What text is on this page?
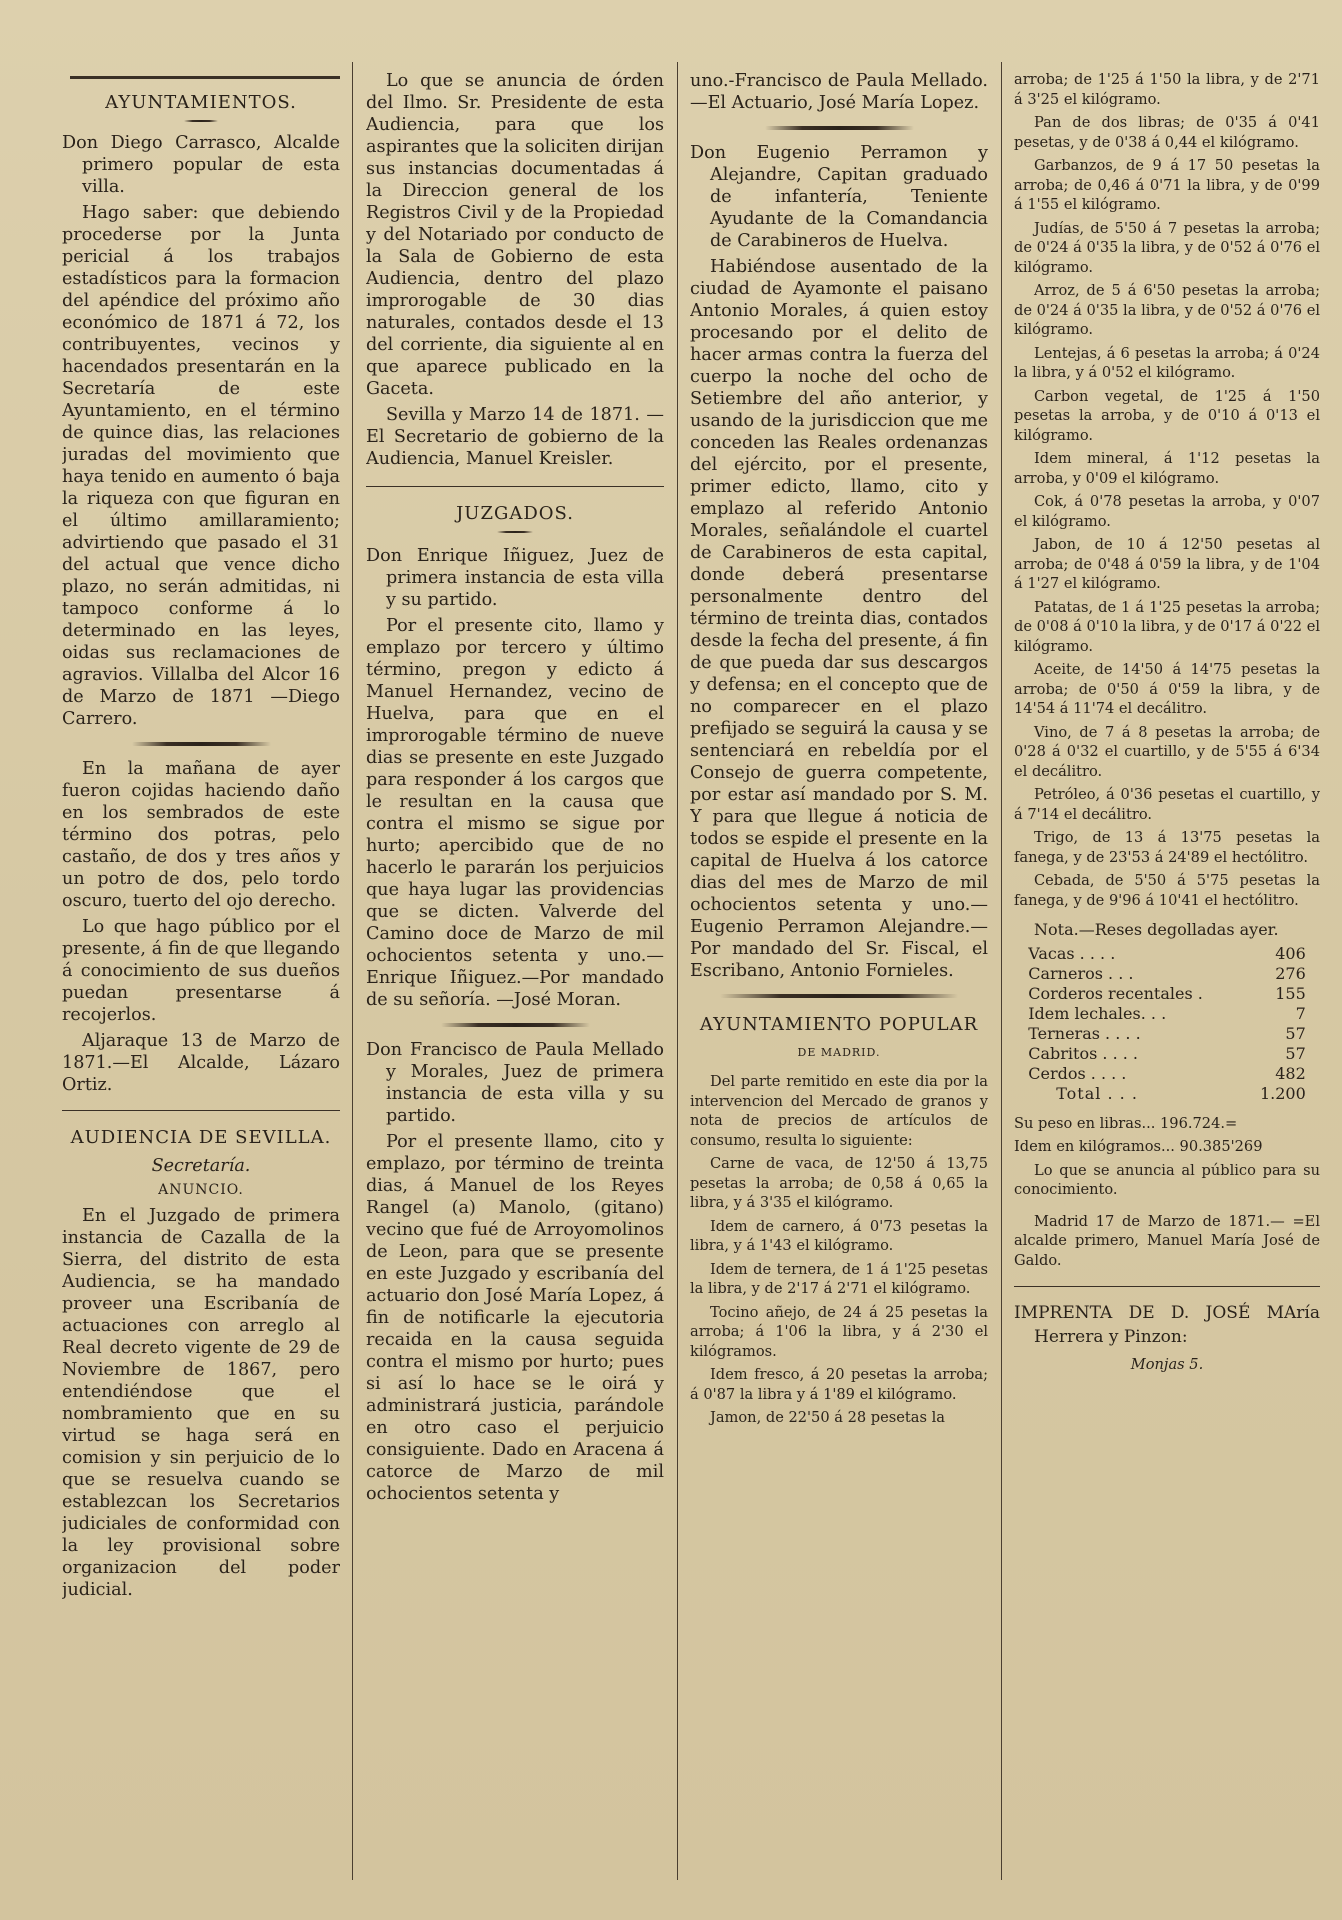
AYUNTAMIENTOS.

Don Diego Carrasco, Alcalde primero popular de esta villa.

Hago saber: que debiendo procederse por la Junta pericial á los trabajos estadísticos para la formacion del apéndice del próximo año económico de 1871 á 72, los contribuyentes, vecinos y hacendados presentarán en la Secretaría de este Ayuntamiento, en el término de quince dias, las relaciones juradas del movimiento que haya tenido en aumento ó baja la riqueza con que figuran en el último amillaramiento; advirtiendo que pasado el 31 del actual que vence dicho plazo, no serán admitidas, ni tampoco conforme á lo determinado en las leyes, oidas sus reclamaciones de agravios. Villalba del Alcor 16 de Marzo de 1871 —Diego Carrero.

En la mañana de ayer fueron cojidas haciendo daño en los sembrados de este término dos potras, pelo castaño, de dos y tres años y un potro de dos, pelo tordo oscuro, tuerto del ojo derecho.

Lo que hago público por el presente, á fin de que llegando á conocimiento de sus dueños puedan presentarse á recojerlos.

Aljaraque 13 de Marzo de 1871.—El Alcalde, Lázaro Ortiz.

AUDIENCIA DE SEVILLA.
Secretaría.
ANUNCIO.

En el Juzgado de primera instancia de Cazalla de la Sierra, del distrito de esta Audiencia, se ha mandado proveer una Escribanía de actuaciones con arreglo al Real decreto vigente de 29 de Noviembre de 1867, pero entendiéndose que el nombramiento que en su virtud se haga será en comision y sin perjuicio de lo que se resuelva cuando se establezcan los Secretarios judiciales de conformidad con la ley provisional sobre organizacion del poder judicial.

Lo que se anuncia de órden del Ilmo. Sr. Presidente de esta Audiencia, para que los aspirantes que la soliciten dirijan sus instancias documentadas á la Direccion general de los Registros Civil y de la Propiedad y del Notariado por conducto de la Sala de Gobierno de esta Audiencia, dentro del plazo improrogable de 30 dias naturales, contados desde el 13 del corriente, dia siguiente al en que aparece publicado en la Gaceta.

Sevilla y Marzo 14 de 1871. —El Secretario de gobierno de la Audiencia, Manuel Kreisler.

JUZGADOS.

Don Enrique Iñiguez, Juez de primera instancia de esta villa y su partido.

Por el presente cito, llamo y emplazo por tercero y último término, pregon y edicto á Manuel Hernandez, vecino de Huelva, para que en el improrogable término de nueve dias se presente en este Juzgado para responder á los cargos que le resultan en la causa que contra el mismo se sigue por hurto; apercibido que de no hacerlo le pararán los perjuicios que haya lugar las providencias que se dicten. Valverde del Camino doce de Marzo de mil ochocientos setenta y uno.—Enrique Iñiguez.—Por mandado de su señoría. —José Moran.

Don Francisco de Paula Mellado y Morales, Juez de primera instancia de esta villa y su partido.

Por el presente llamo, cito y emplazo, por término de treinta dias, á Manuel de los Reyes Rangel (a) Manolo, (gitano) vecino que fué de Arroyomolinos de Leon, para que se presente en este Juzgado y escribanía del actuario don José María Lopez, á fin de notificarle la ejecutoria recaida en la causa seguida contra el mismo por hurto; pues si así lo hace se le oirá y administrará justicia, parándole en otro caso el perjuicio consiguiente. Dado en Aracena á catorce de Marzo de mil ochocientos setenta y

uno.-Francisco de Paula Mellado.—El Actuario, José María Lopez.

Don Eugenio Perramon y Alejandre, Capitan graduado de infantería, Teniente Ayudante de la Comandancia de Carabineros de Huelva.

Habiéndose ausentado de la ciudad de Ayamonte el paisano Antonio Morales, á quien estoy procesando por el delito de hacer armas contra la fuerza del cuerpo la noche del ocho de Setiembre del año anterior, y usando de la jurisdiccion que me conceden las Reales ordenanzas del ejército, por el presente, primer edicto, llamo, cito y emplazo al referido Antonio Morales, señalándole el cuartel de Carabineros de esta capital, donde deberá presentarse personalmente dentro del término de treinta dias, contados desde la fecha del presente, á fin de que pueda dar sus descargos y defensa; en el concepto que de no comparecer en el plazo prefijado se seguirá la causa y se sentenciará en rebeldía por el Consejo de guerra competente, por estar así mandado por S. M. Y para que llegue á noticia de todos se espide el presente en la capital de Huelva á los catorce dias del mes de Marzo de mil ochocientos setenta y uno.—Eugenio Perramon Alejandre.—Por mandado del Sr. Fiscal, el Escribano, Antonio Fornieles.

AYUNTAMIENTO POPULAR
DE MADRID.

Del parte remitido en este dia por la intervencion del Mercado de granos y nota de precios de artículos de consumo, resulta lo siguiente:

Carne de vaca, de 12'50 á 13,75 pesetas la arroba; de 0,58 á 0,65 la libra, y á 3'35 el kilógramo.

Idem de carnero, á 0'73 pesetas la libra, y á 1'43 el kilógramo.

Idem de ternera, de 1 á 1'25 pesetas la libra, y de 2'17 á 2'71 el kilógramo.

Tocino añejo, de 24 á 25 pesetas la arroba; á 1'06 la libra, y á 2'30 el kilógramos.

Idem fresco, á 20 pesetas la arroba; á 0'87 la libra y á 1'89 el kilógramo.

Jamon, de 22'50 á 28 pesetas la

arroba; de 1'25 á 1'50 la libra, y de 2'71 á 3'25 el kilógramo.

Pan de dos libras; de 0'35 á 0'41 pesetas, y de 0'38 á 0,44 el kilógramo.

Garbanzos, de 9 á 17 50 pesetas la arroba; de 0,46 á 0'71 la libra, y de 0'99 á 1'55 el kilógramo.

Judías, de 5'50 á 7 pesetas la arroba; de 0'24 á 0'35 la libra, y de 0'52 á 0'76 el kilógramo.

Arroz, de 5 á 6'50 pesetas la arroba; de 0'24 á 0'35 la libra, y de 0'52 á 0'76 el kilógramo.

Lentejas, á 6 pesetas la arroba; á 0'24 la libra, y á 0'52 el kilógramo.

Carbon vegetal, de 1'25 á 1'50 pesetas la arroba, y de 0'10 á 0'13 el kilógramo.

Idem mineral, á 1'12 pesetas la arroba, y 0'09 el kilógramo.

Cok, á 0'78 pesetas la arroba, y 0'07 el kilógramo.

Jabon, de 10 á 12'50 pesetas al arroba; de 0'48 á 0'59 la libra, y de 1'04 á 1'27 el kilógramo.

Patatas, de 1 á 1'25 pesetas la arroba; de 0'08 á 0'10 la libra, y de 0'17 á 0'22 el kilógramo.

Aceite, de 14'50 á 14'75 pesetas la arroba; de 0'50 á 0'59 la libra, y de 14'54 á 11'74 el decálitro.

Vino, de 7 á 8 pesetas la arroba; de 0'28 á 0'32 el cuartillo, y de 5'55 á 6'34 el decálitro.

Petróleo, á 0'36 pesetas el cuartillo, y á 7'14 el decálitro.

Trigo, de 13 á 13'75 pesetas la fanega, y de 23'53 á 24'89 el hectólitro.

Cebada, de 5'50 á 5'75 pesetas la fanega, y de 9'96 á 10'41 el hectólitro.

Nota.—Reses degolladas ayer.

Vacas . . . .	406
Carneros . . .	276
Corderos recentales .	155
Idem lechales. . .	7
Terneras . . . .	57
Cabritos . . . .	57
Cerdos . . . .	482
Total . . .	1.200

Su peso en libras... 196.724.=

Idem en kilógramos... 90.385'269

Lo que se anuncia al público para su conocimiento.

Madrid 17 de Marzo de 1871.— =El alcalde primero, Manuel María José de Galdo.

IMPRENTA DE D. JOSÉ MAría Herrera y Pinzon:

Monjas 5.
